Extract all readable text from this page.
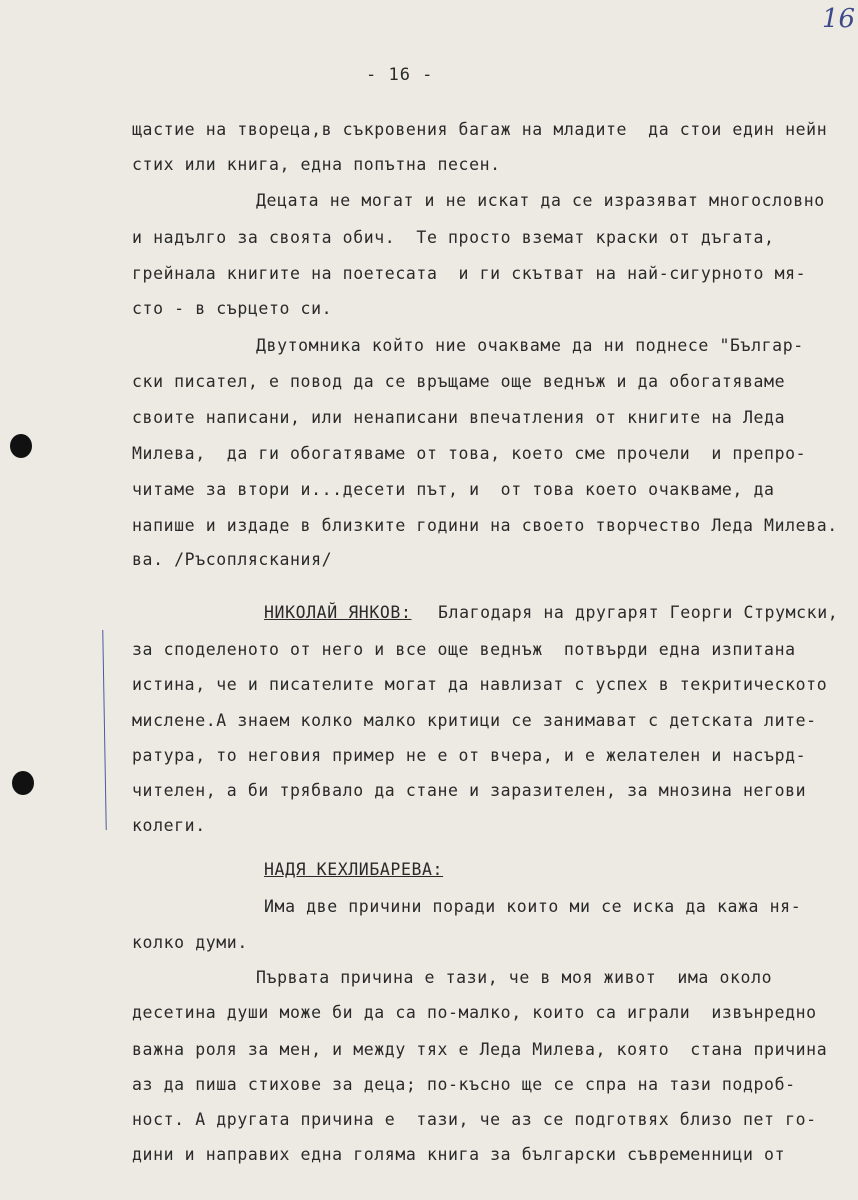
16
- 16 -
щастие на твореца,в съкровения багаж на младите  да стои един нейн
стих или книга, една попътна песен.
Децата не могат и не искат да се изразяват многословно
и надълго за своята обич.  Те просто вземат краски от дъгата,
грейнала книгите на поетесата  и ги скътват на най-сигурното мя-
сто - в сърцето си.
Двутомника който ние очакваме да ни поднесе "Българ-
ски писател, е повод да се връщаме още веднъж и да обогатяваме
своите написани, или ненаписани впечатления от книгите на Леда
Милева,  да ги обогатяваме от това, което сме прочели  и препро-
читаме за втори и...десети път, и  от това което очакваме, да
напише и издаде в близките години на своето творчество Леда Милева.
ва. /Ръсопляскания/
НИКОЛАЙ ЯНКОВ: Благодаря на другарят Георги Струмски,
за споделеното от него и все още веднъж  потвърди една изпитана
истина, че и писателите могат да навлизат с успех в текритическото
мислене.А знаем колко малко критици се занимават с детската лите-
ратура, то неговия пример не е от вчера, и е желателен и насърд-
чителен, а би трябвало да стане и заразителен, за мнозина негови
колеги.
НАДЯ КЕХЛИБАРЕВА:
Има две причини поради които ми се иска да кажа ня-
колко думи.
Първата причина е тази, че в моя живот  има около
десетина души може би да са по-малко, които са играли  извънредно
важна роля за мен, и между тях е Леда Милева, която  стана причина
аз да пиша стихове за деца; по-късно ще се спра на тази подроб-
ност. А другата причина е  тази, че аз се подготвях близо пет го-
дини и направих една голяма книга за български съвременници от
